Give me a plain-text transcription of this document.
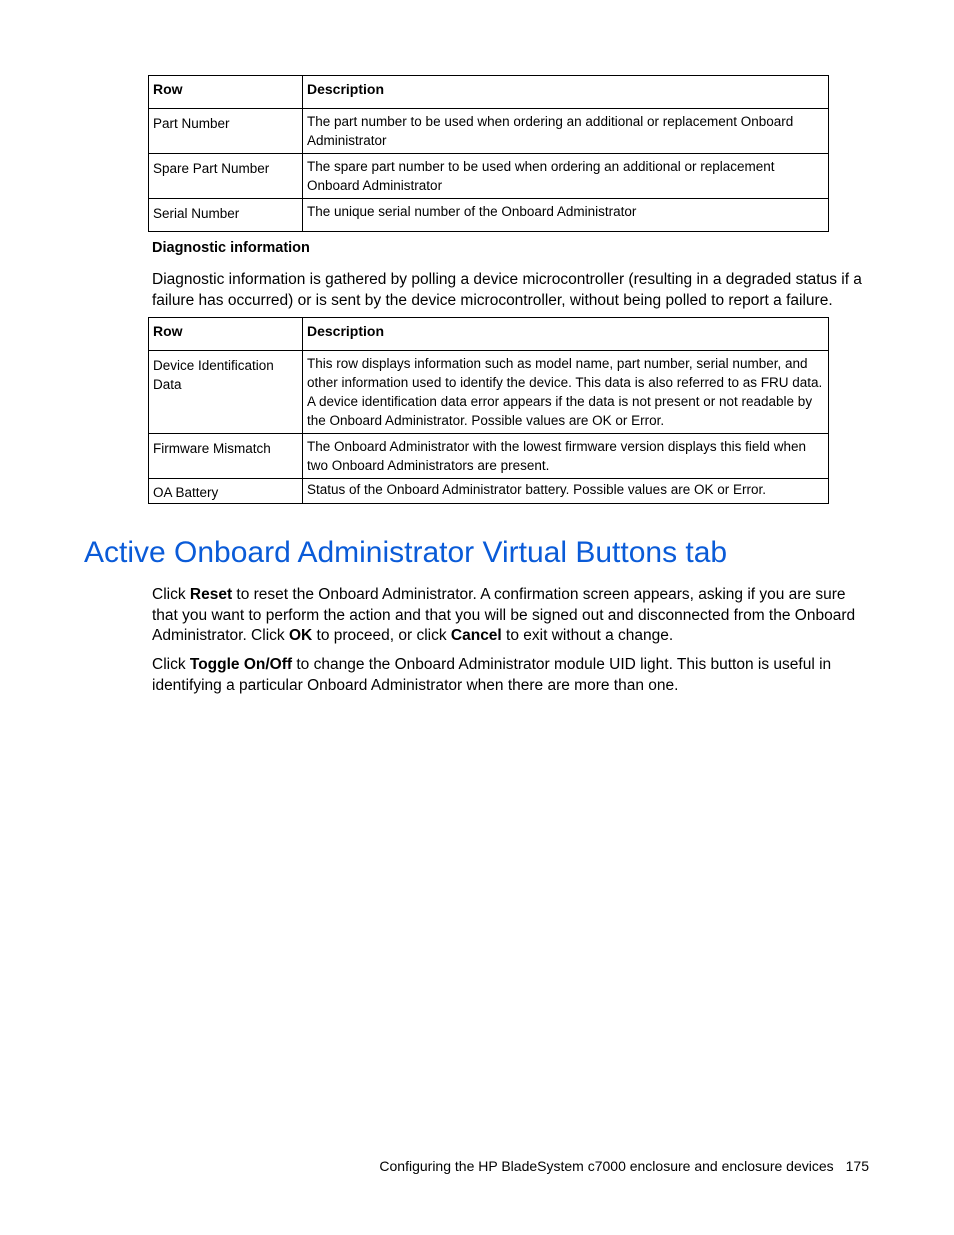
Row	Description
Part Number	The part number to be used when ordering an additional or replacement Onboard Administrator
Spare Part Number	The spare part number to be used when ordering an additional or replacement Onboard Administrator
Serial Number	The unique serial number of the Onboard Administrator
Diagnostic information
Diagnostic information is gathered by polling a device microcontroller (resulting in a degraded status if a failure has occurred) or is sent by the device microcontroller, without being polled to report a failure.
Row	Description
Device Identification Data	This row displays information such as model name, part number, serial number, and other information used to identify the device. This data is also referred to as FRU data. A device identification data error appears if the data is not present or not readable by the Onboard Administrator. Possible values are OK or Error.
Firmware Mismatch	The Onboard Administrator with the lowest firmware version displays this field when two Onboard Administrators are present.
OA Battery	Status of the Onboard Administrator battery. Possible values are OK or Error.
Active Onboard Administrator Virtual Buttons tab
Click Reset to reset the Onboard Administrator. A confirmation screen appears, asking if you are sure that you want to perform the action and that you will be signed out and disconnected from the Onboard Administrator. Click OK to proceed, or click Cancel to exit without a change.
Click Toggle On/Off to change the Onboard Administrator module UID light. This button is useful in identifying a particular Onboard Administrator when there are more than one.
Configuring the HP BladeSystem c7000 enclosure and enclosure devices 175
